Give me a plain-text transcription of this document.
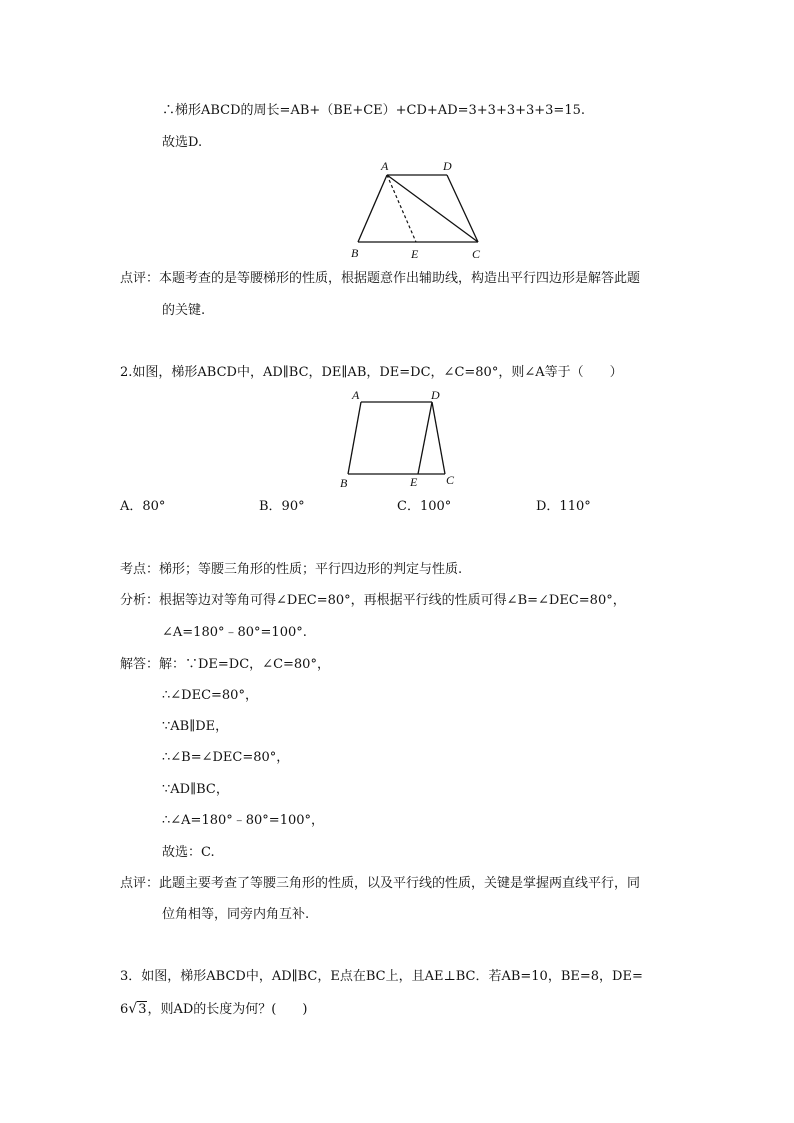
∴梯形ABCD的周长=AB+（BE+CE）+CD+AD=3+3+3+3+3=15.
故选D.
A	D
B	E	C
点评：本题考查的是等腰梯形的性质，根据题意作出辅助线，构造出平行四边形是解答此题
的关键.
2.如图，梯形ABCD中，AD∥BC，DE∥AB，DE=DC，∠C=80°，则∠A等于（　　）
A	D
B	E C
A．80°	B．90°	C．100°	D．110°
考点：梯形；等腰三角形的性质；平行四边形的判定与性质.
分析：根据等边对等角可得∠DEC=80°，再根据平行线的性质可得∠B=∠DEC=80°，
∠A=180°﹣80°=100°.
解答：解：∵DE=DC，∠C=80°，
∴∠DEC=80°，
∵AB∥DE，
∴∠B=∠DEC=80°，
∵AD∥BC，
∴∠A=180°﹣80°=100°，
故选：C.
点评：此题主要考查了等腰三角形的性质，以及平行线的性质，关键是掌握两直线平行，同
位角相等，同旁内角互补.
3．如图，梯形ABCD中，AD∥BC，E点在BC上，且AE⊥BC．若AB=10，BE=8，DE=
6√3，则AD的长度为何？(　　)
